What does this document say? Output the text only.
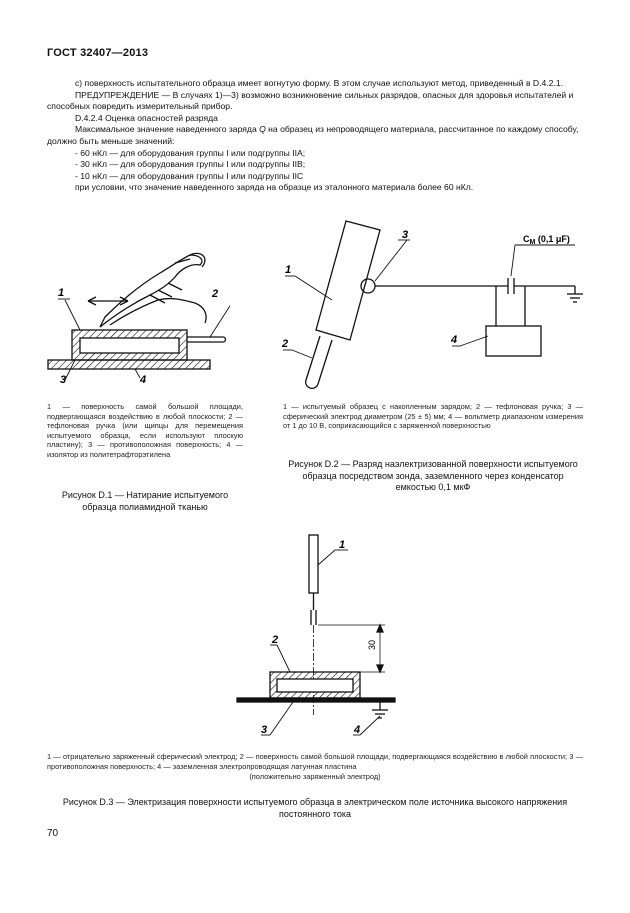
ГОСТ 32407—2013

с) поверхность испытательного образца имеет вогнутую форму. В этом случае используют метод, приведенный в D.4.2.1.

ПРЕДУПРЕЖДЕНИЕ — В случаях 1)—3) возможно возникновение сильных разрядов, опасных для здоровья испытателей и способных повредить измерительный прибор.

D.4.2.4 Оценка опасностей разряда

Максимальное значение наведенного заряда Q на образец из непроводящего материала, рассчитанное по каждому способу, должно быть меньше значений:

- 60 нКл — для оборудования группы I или подгруппы IIA;

- 30 нКл — для оборудования группы I или подгруппы IIB;

- 10 нКл — для оборудования группы I или подгруппы IIC

при условии, что значение наведенного заряда на образце из эталонного материала более 60 нКл.

1	2
3	4
1 — поверхность самой большой площади, подвергающаяся воздействию в любой плоскости; 2 — тефлоновая ручка (или щипцы для перемещения испытуемого образца, если используют плоскую пластину); 3 — противоположная поверхность; 4 — изолятор из политетрафторэтилена
Рисунок D.1 — Натирание испытуемого образца полиамидной тканью
1
2
3
4
$C_M$ (0,1 μF)
1 — испытуемый образец с накопленным зарядом; 2 — тефлоновая ручка; 3 — сферический электрод диаметром (25 ± 5) мм; 4 — вольтметр диапазоном измерения от 1 до 10 В, соприкасающийся с заряженной поверхностью
Рисунок D.2 — Разряд наэлектризованной поверхности испытуемого образца посредством зонда, заземленного через конденсатор емкостью 0,1 мкФ
1
2
3	4
30
1 — отрицательно заряженный сферический электрод; 2 — поверхность самой большой площади, подвергающаяся воздействию в любой плоскости; 3 — противоположная поверхность; 4 — заземленная электропроводящая латунная пластина
(положительно заряженный электрод)
Рисунок D.3 — Электризация поверхности испытуемого образца в электрическом поле источника высокого напряжения постоянного тока
70
